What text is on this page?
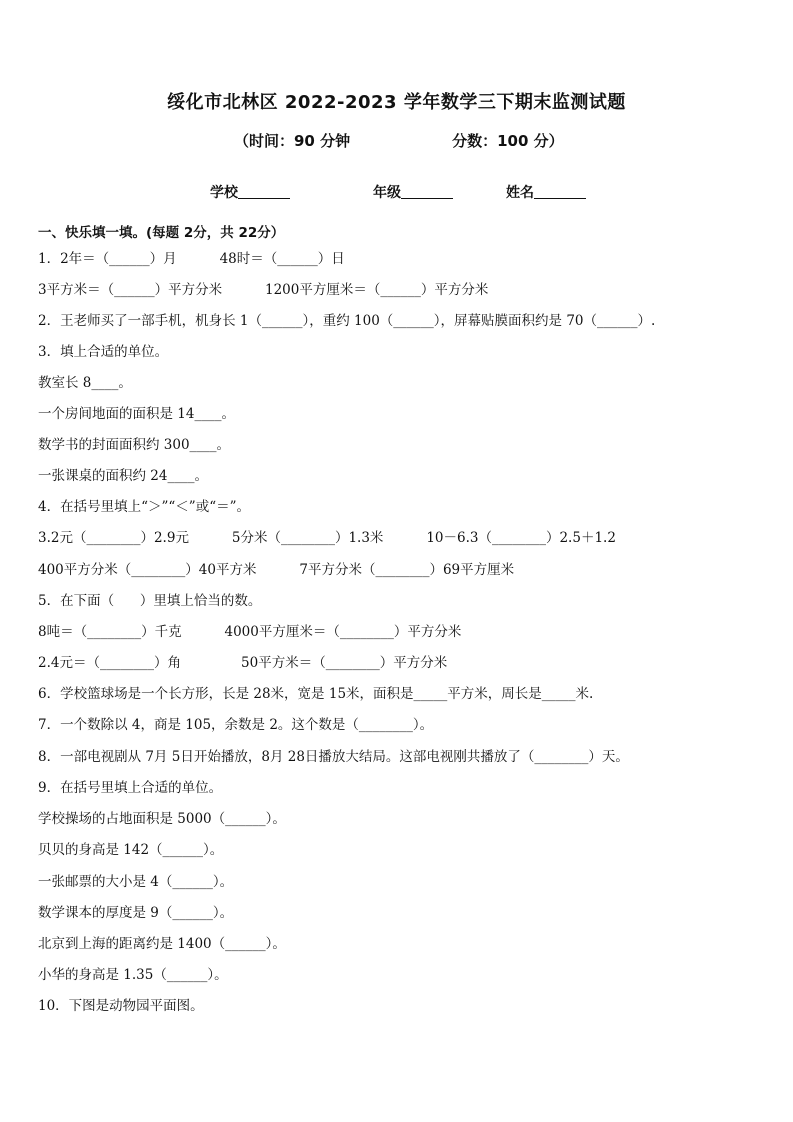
绥化市北林区 2022-2023 学年数学三下期末监测试题
（时间：90 分钟	分数：100 分）
学校	年级	姓名
一、快乐填一填。(每题 2分，共 22分）
1．2年＝（______）月          48时＝（______）日
3平方米＝（______）平方分米          1200平方厘米＝（______）平方分米
2．王老师买了一部手机，机身长 1（______），重约 100（______），屏幕贴膜面积约是 70（______）.
3．填上合适的单位。
教室长 8____。
一个房间地面的面积是 14____。
数学书的封面面积约 300____。
一张课桌的面积约 24____。
4．在括号里填上“＞”“＜”或“＝”。
3.2元（________）2.9元          5分米（________）1.3米          10－6.3（________）2.5＋1.2
400平方分米（________）40平方米          7平方分米（________）69平方厘米
5．在下面（      ）里填上恰当的数。
8吨＝（________）千克          4000平方厘米＝（________）平方分米
2.4元＝（________）角              50平方米＝（________）平方分米
6．学校篮球场是一个长方形，长是 28米，宽是 15米，面积是_____平方米，周长是_____米.
7．一个数除以 4，商是 105，余数是 2。这个数是（________）。
8．一部电视剧从 7月 5日开始播放，8月 28日播放大结局。这部电视刚共播放了（________）天。
9．在括号里填上合适的单位。
学校操场的占地面积是 5000（______）。
贝贝的身高是 142（______）。
一张邮票的大小是 4（______）。
数学课本的厚度是 9（______）。
北京到上海的距离约是 1400（______）。
小华的身高是 1.35（______）。
10．下图是动物园平面图。
